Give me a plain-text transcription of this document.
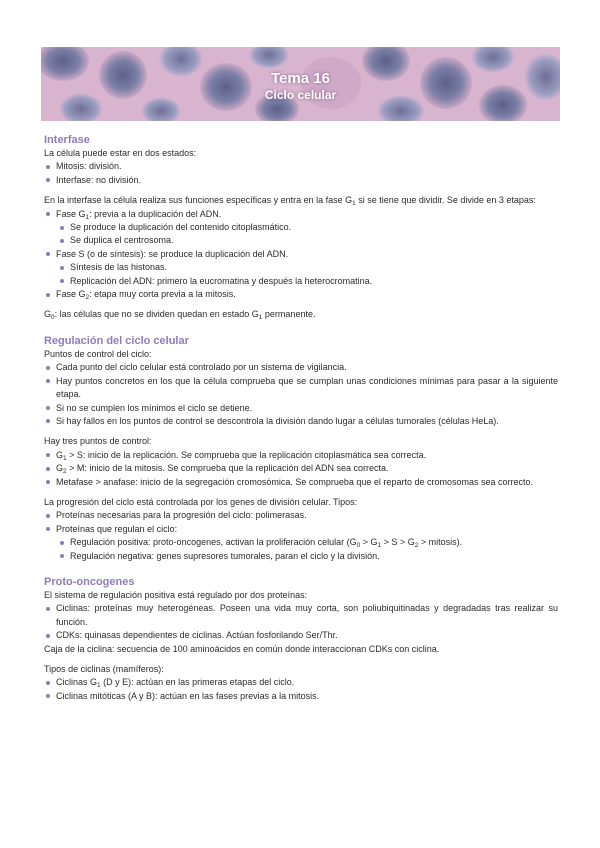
Tema 16
Ciclo celular
Interfase

La célula puede estar en dos estados:

Mitosis: división.
Interfase: no división.

En la interfase la célula realiza sus funciones específicas y entra en la fase $G_1$ si se tiene que dividir. Se divide en 3 etapas:

Fase $G_1$: previa a la duplicación del ADN.
Se produce la duplicación del contenido citoplasmático.
Se duplica el centrosoma.
Fase S (o de síntesis): se produce la duplicación del ADN.
Síntesis de las histonas.
Replicación del ADN: primero la eucromatina y después la heterocromatina.
Fase $G_2$: etapa muy corta previa a la mitosis.

$G_0$: las células que no se dividen quedan en estado $G_1$ permanente.

Regulación del ciclo celular

Puntos de control del ciclo:

Cada punto del ciclo celular está controlado por un sistema de vigilancia.
Hay puntos concretos en los que la célula comprueba que se cumplan unas condiciones mínimas para pasar a la siguiente etapa.
Si no se cumplen los mínimos el ciclo se detiene.
Si hay fallos en los puntos de control se descontrola la división dando lugar a células tumorales (células HeLa).

Hay tres puntos de control:

$G_1 > S$: inicio de la replicación. Se comprueba que la replicación citoplasmática sea correcta.
$G_2 > M$: inicio de la mitosis. Se comprueba que la replicación del ADN sea correcta.
Metafase > anafase: inicio de la segregación cromosómica. Se comprueba que el reparto de cromosomas sea correcto.

La progresión del ciclo está controlada por los genes de división celular. Tipos:

Proteínas necesarias para la progresión del ciclo: polimerasas.
Proteínas que regulan el ciclo:
Regulación positiva: proto-oncogenes, activan la proliferación celular ($G_0 > G_1 > S > G_2$ > mitosis).
Regulación negativa: genes supresores tumorales, paran el ciclo y la división.
Proto-oncogenes

El sistema de regulación positiva está regulado por dos proteínas:

Ciclinas: proteínas muy heterogéneas. Poseen una vida muy corta, son poliubiquitinadas y degradadas tras realizar su función.
CDKs: quinasas dependientes de ciclinas. Actúan fosforilando Ser/Thr.

Caja de la ciclina: secuencia de 100 aminoácidos en común donde interaccionan CDKs con ciclina.

Tipos de ciclinas (mamíferos):

Ciclinas $G_1$ (D y E): actúan en las primeras etapas del ciclo.
Ciclinas mitóticas (A y B): actúan en las fases previas a la mitosis.
